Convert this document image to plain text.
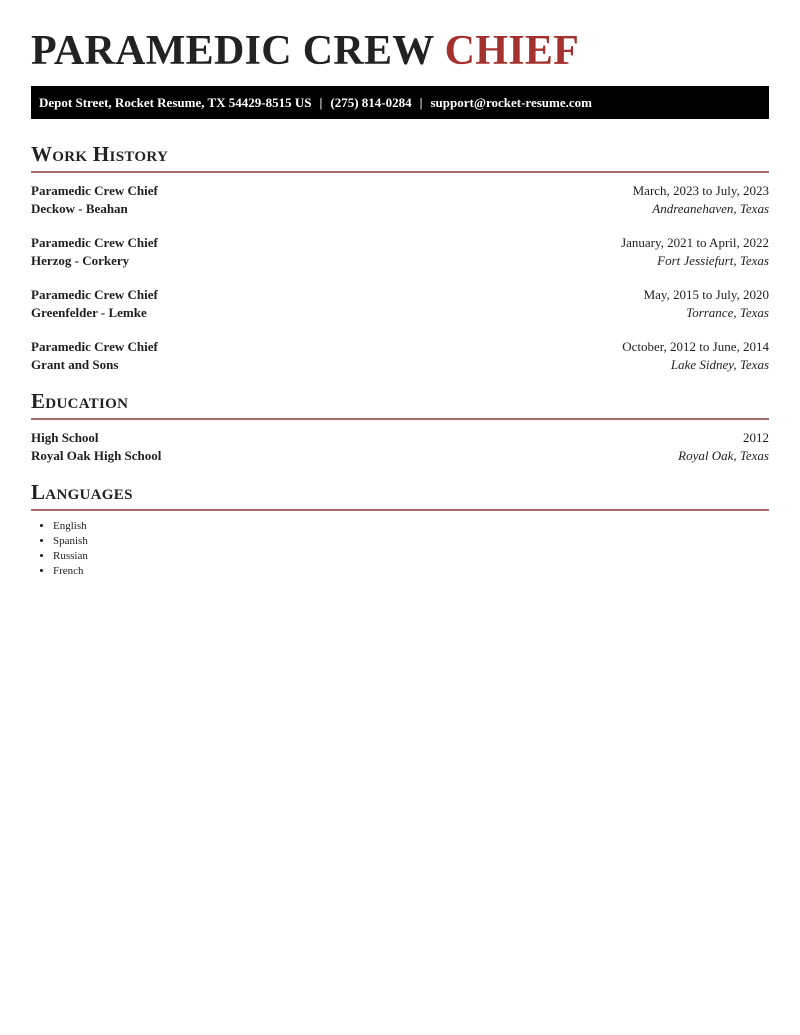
PARAMEDIC CREW CHIEF
Depot Street, Rocket Resume, TX 54429-8515 US | (275) 814-0284 | support@rocket-resume.com
Work History
Paramedic Crew Chief	March, 2023 to July, 2023
Deckow - Beahan	Andreanehaven, Texas
Paramedic Crew Chief	January, 2021 to April, 2022
Herzog - Corkery	Fort Jessiefurt, Texas
Paramedic Crew Chief	May, 2015 to July, 2020
Greenfelder - Lemke	Torrance, Texas
Paramedic Crew Chief	October, 2012 to June, 2014
Grant and Sons	Lake Sidney, Texas
Education
High School	2012
Royal Oak High School	Royal Oak, Texas
Languages
• English
• Spanish
• Russian
• French
